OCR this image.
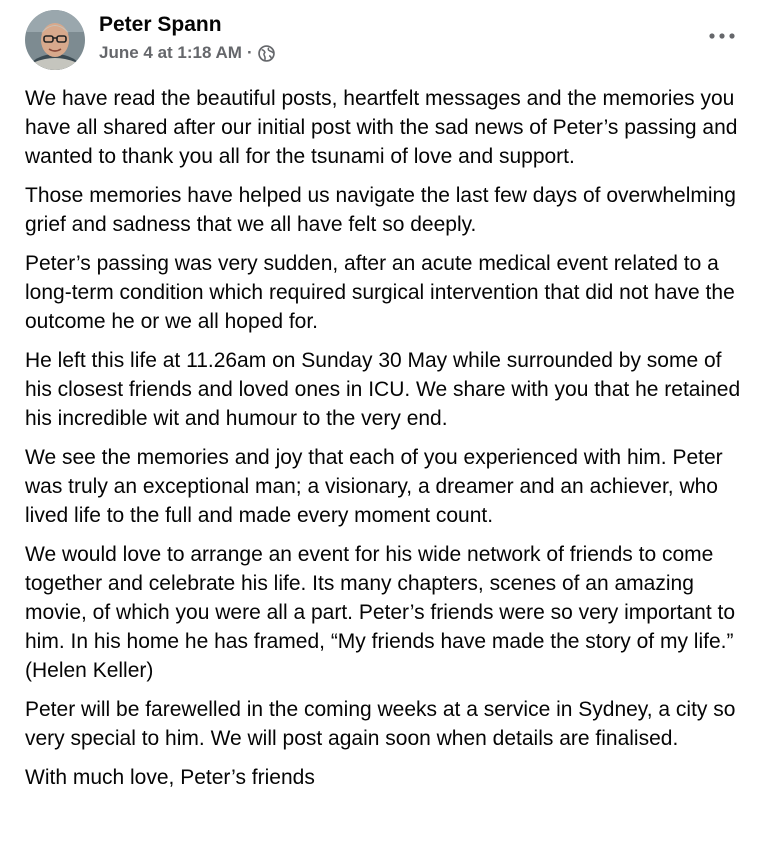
Peter Spann
June 4 at 1:18 AM ·

We have read the beautiful posts, heartfelt messages and the memories you have all shared after our initial post with the sad news of Peter’s passing and wanted to thank you all for the tsunami of love and support.

Those memories have helped us navigate the last few days of overwhelming grief and sadness that we all have felt so deeply.

Peter’s passing was very sudden, after an acute medical event related to a long-term condition which required surgical intervention that did not have the outcome he or we all hoped for.

He left this life at 11.26am on Sunday 30 May while surrounded by some of his closest friends and loved ones in ICU. We share with you that he retained his incredible wit and humour to the very end.

We see the memories and joy that each of you experienced with him. Peter was truly an exceptional man; a visionary, a dreamer and an achiever, who lived life to the full and made every moment count.

We would love to arrange an event for his wide network of friends to come together and celebrate his life. Its many chapters, scenes of an amazing movie, of which you were all a part. Peter’s friends were so very important to him. In his home he has framed, “My friends have made the story of my life.” (Helen Keller)

Peter will be farewelled in the coming weeks at a service in Sydney, a city so very special to him. We will post again soon when details are finalised.

With much love, Peter’s friends
